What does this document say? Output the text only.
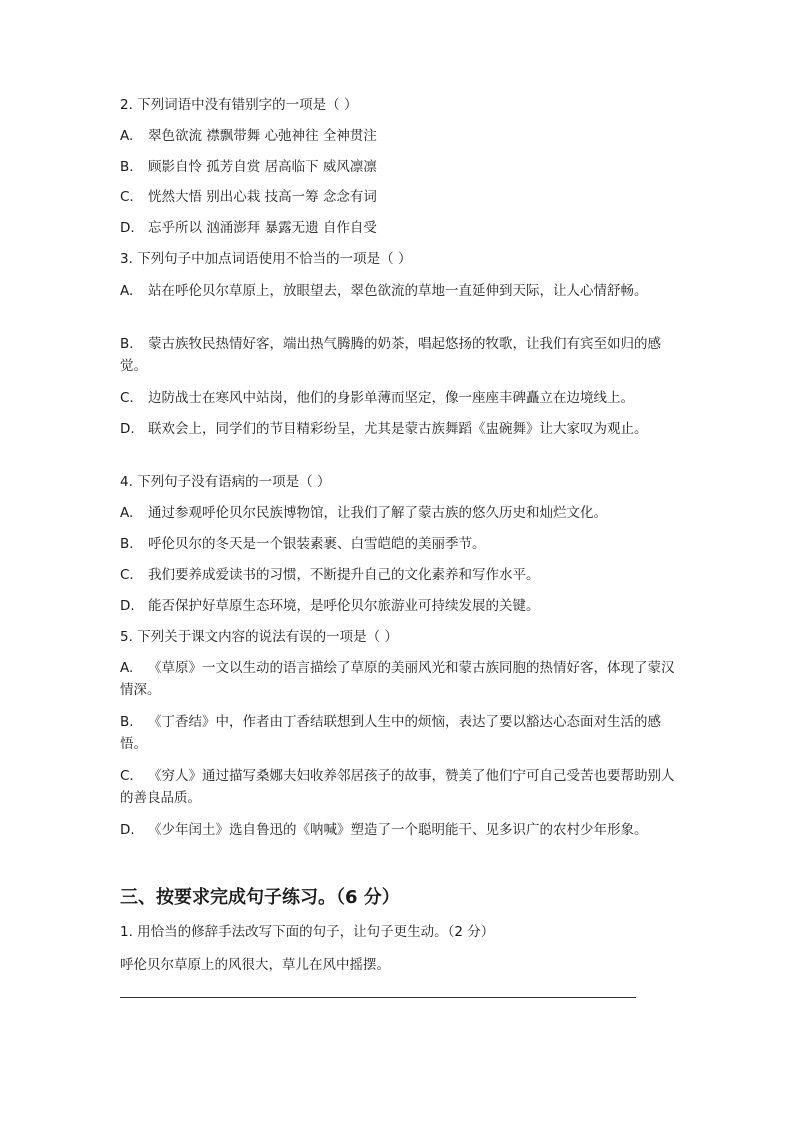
2. 下列词语中没有错别字的一项是（ ）
A. 翠色欲流 襟飘带舞 心弛神往 全神贯注
B. 顾影自怜 孤芳自赏 居高临下 威风凛凛
C. 恍然大悟 别出心栽 技高一筹 念念有词
D. 忘乎所以 汹涌澎拜 暴露无遗 自作自受
3. 下列句子中加点词语使用不恰当的一项是（ ）
A. 站在呼伦贝尔草原上，放眼望去，翠色欲流的草地一直延伸到天际，让人心情舒畅。
B. 蒙古族牧民热情好客，端出热气腾腾的奶茶，唱起悠扬的牧歌，让我们有宾至如归的感觉。
C. 边防战士在寒风中站岗，他们的身影单薄而坚定，像一座座丰碑矗立在边境线上。
D. 联欢会上，同学们的节目精彩纷呈，尤其是蒙古族舞蹈《盅碗舞》让大家叹为观止。
4. 下列句子没有语病的一项是（ ）
A. 通过参观呼伦贝尔民族博物馆，让我们了解了蒙古族的悠久历史和灿烂文化。
B. 呼伦贝尔的冬天是一个银装素裹、白雪皑皑的美丽季节。
C. 我们要养成爱读书的习惯，不断提升自己的文化素养和写作水平。
D. 能否保护好草原生态环境，是呼伦贝尔旅游业可持续发展的关键。
5. 下列关于课文内容的说法有误的一项是（ ）
A. 《草原》一文以生动的语言描绘了草原的美丽风光和蒙古族同胞的热情好客，体现了蒙汉情深。
B. 《丁香结》中，作者由丁香结联想到人生中的烦恼，表达了要以豁达心态面对生活的感悟。
C. 《穷人》通过描写桑娜夫妇收养邻居孩子的故事，赞美了他们宁可自己受苦也要帮助别人的善良品质。
D. 《少年闰土》选自鲁迅的《呐喊》塑造了一个聪明能干、见多识广的农村少年形象。
三、按要求完成句子练习。（6 分）
1. 用恰当的修辞手法改写下面的句子，让句子更生动。（2 分）
呼伦贝尔草原上的风很大，草儿在风中摇摆。
